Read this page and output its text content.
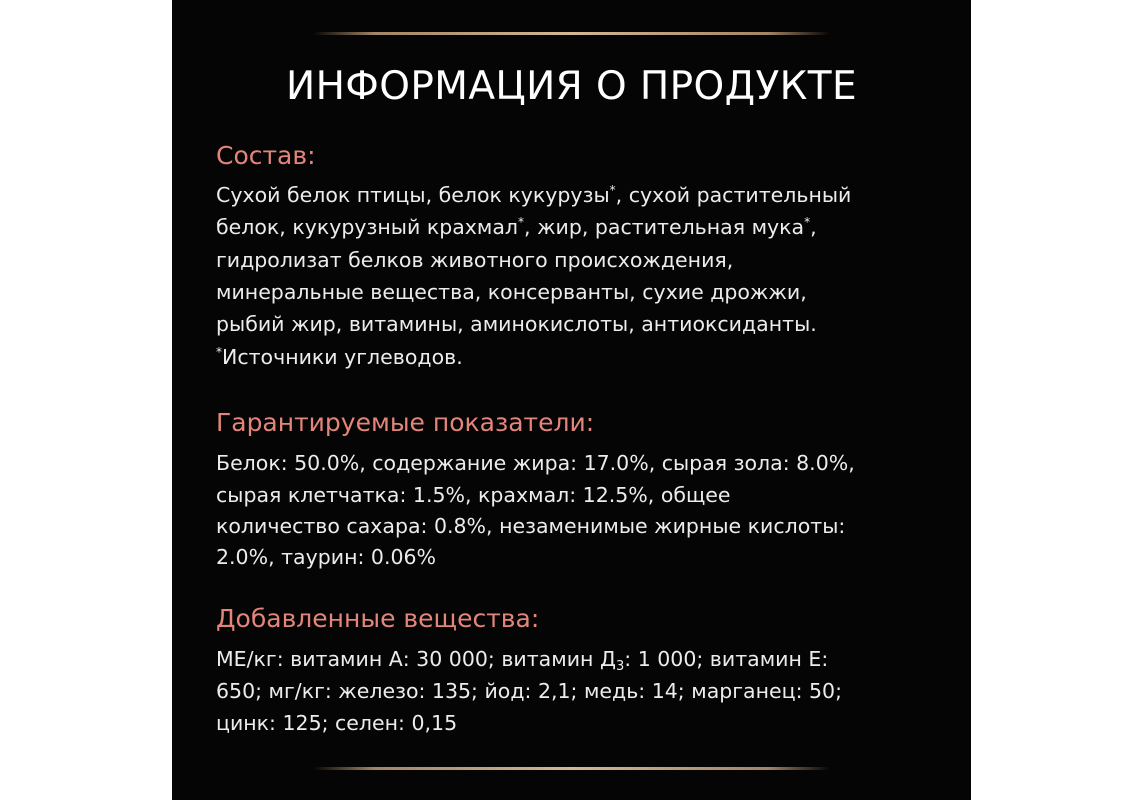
ИНФОРМАЦИЯ О ПРОДУКТЕ
Состав:
Сухой белок птицы, белок кукурузы*, сухой растительный
белок, кукурузный крахмал*, жир, растительная мука*,
гидролизат белков животного происхождения,
минеральные вещества, консерванты, сухие дрожжи,
рыбий жир, витамины, аминокислоты, антиоксиданты.
*Источники углеводов.
Гарантируемые показатели:
Белок: 50.0%, содержание жира: 17.0%, сырая зола: 8.0%,
сырая клетчатка: 1.5%, крахмал: 12.5%, общее
количество сахара: 0.8%, незаменимые жирные кислоты:
2.0%, таурин: 0.06%
Добавленные вещества:
МЕ/кг: витамин А: 30 000; витамин $Д_3$: 1 000; витамин Е:
650; мг/кг: железо: 135; йод: 2,1; медь: 14; марганец: 50;
цинк: 125; селен: 0,15
